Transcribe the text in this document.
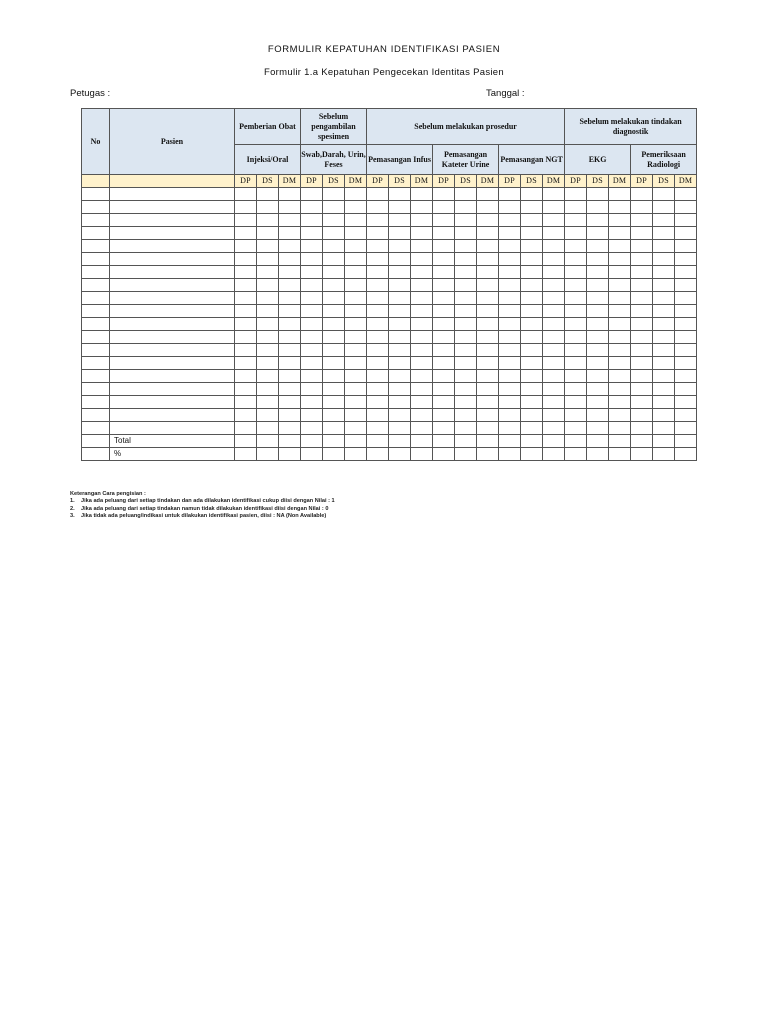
FORMULIR KEPATUHAN IDENTIFIKASI PASIEN
Formulir 1.a Kepatuhan Pengecekan Identitas Pasien
Petugas :	Tanggal :
No	Pasien	Pemberian Obat			Sebelum pengambilan spesimen			Sebelum melakukan prosedur									Sebelum melakukan tindakan diagnostik					
		Injeksi/Oral			Swab,Darah, Urin, Feses			Pemasangan Infus			Pemasangan Kateter Urine			Pemasangan NGT			EKG			Pemeriksaan Radiologi		
		DP	DS	DM	DP	DS	DM	DP	DS	DM	DP	DS	DM	DP	DS	DM	DP	DS	DM	DP	DS	DM

	Total																					
	%																					
Keterangan Cara pengisian :
1. Jika ada peluang dari setiap tindakan dan ada dilakukan identifikasi cukup diisi dengan Nilai : 1
2. Jika ada peluang dari setiap tindakan namun tidak dilakukan identifikasi diisi dengan Nilai : 0
3. Jika tidak ada peluang/indikasi untuk dilakukan identifikasi pasien, diisi : NA (Non Available)
